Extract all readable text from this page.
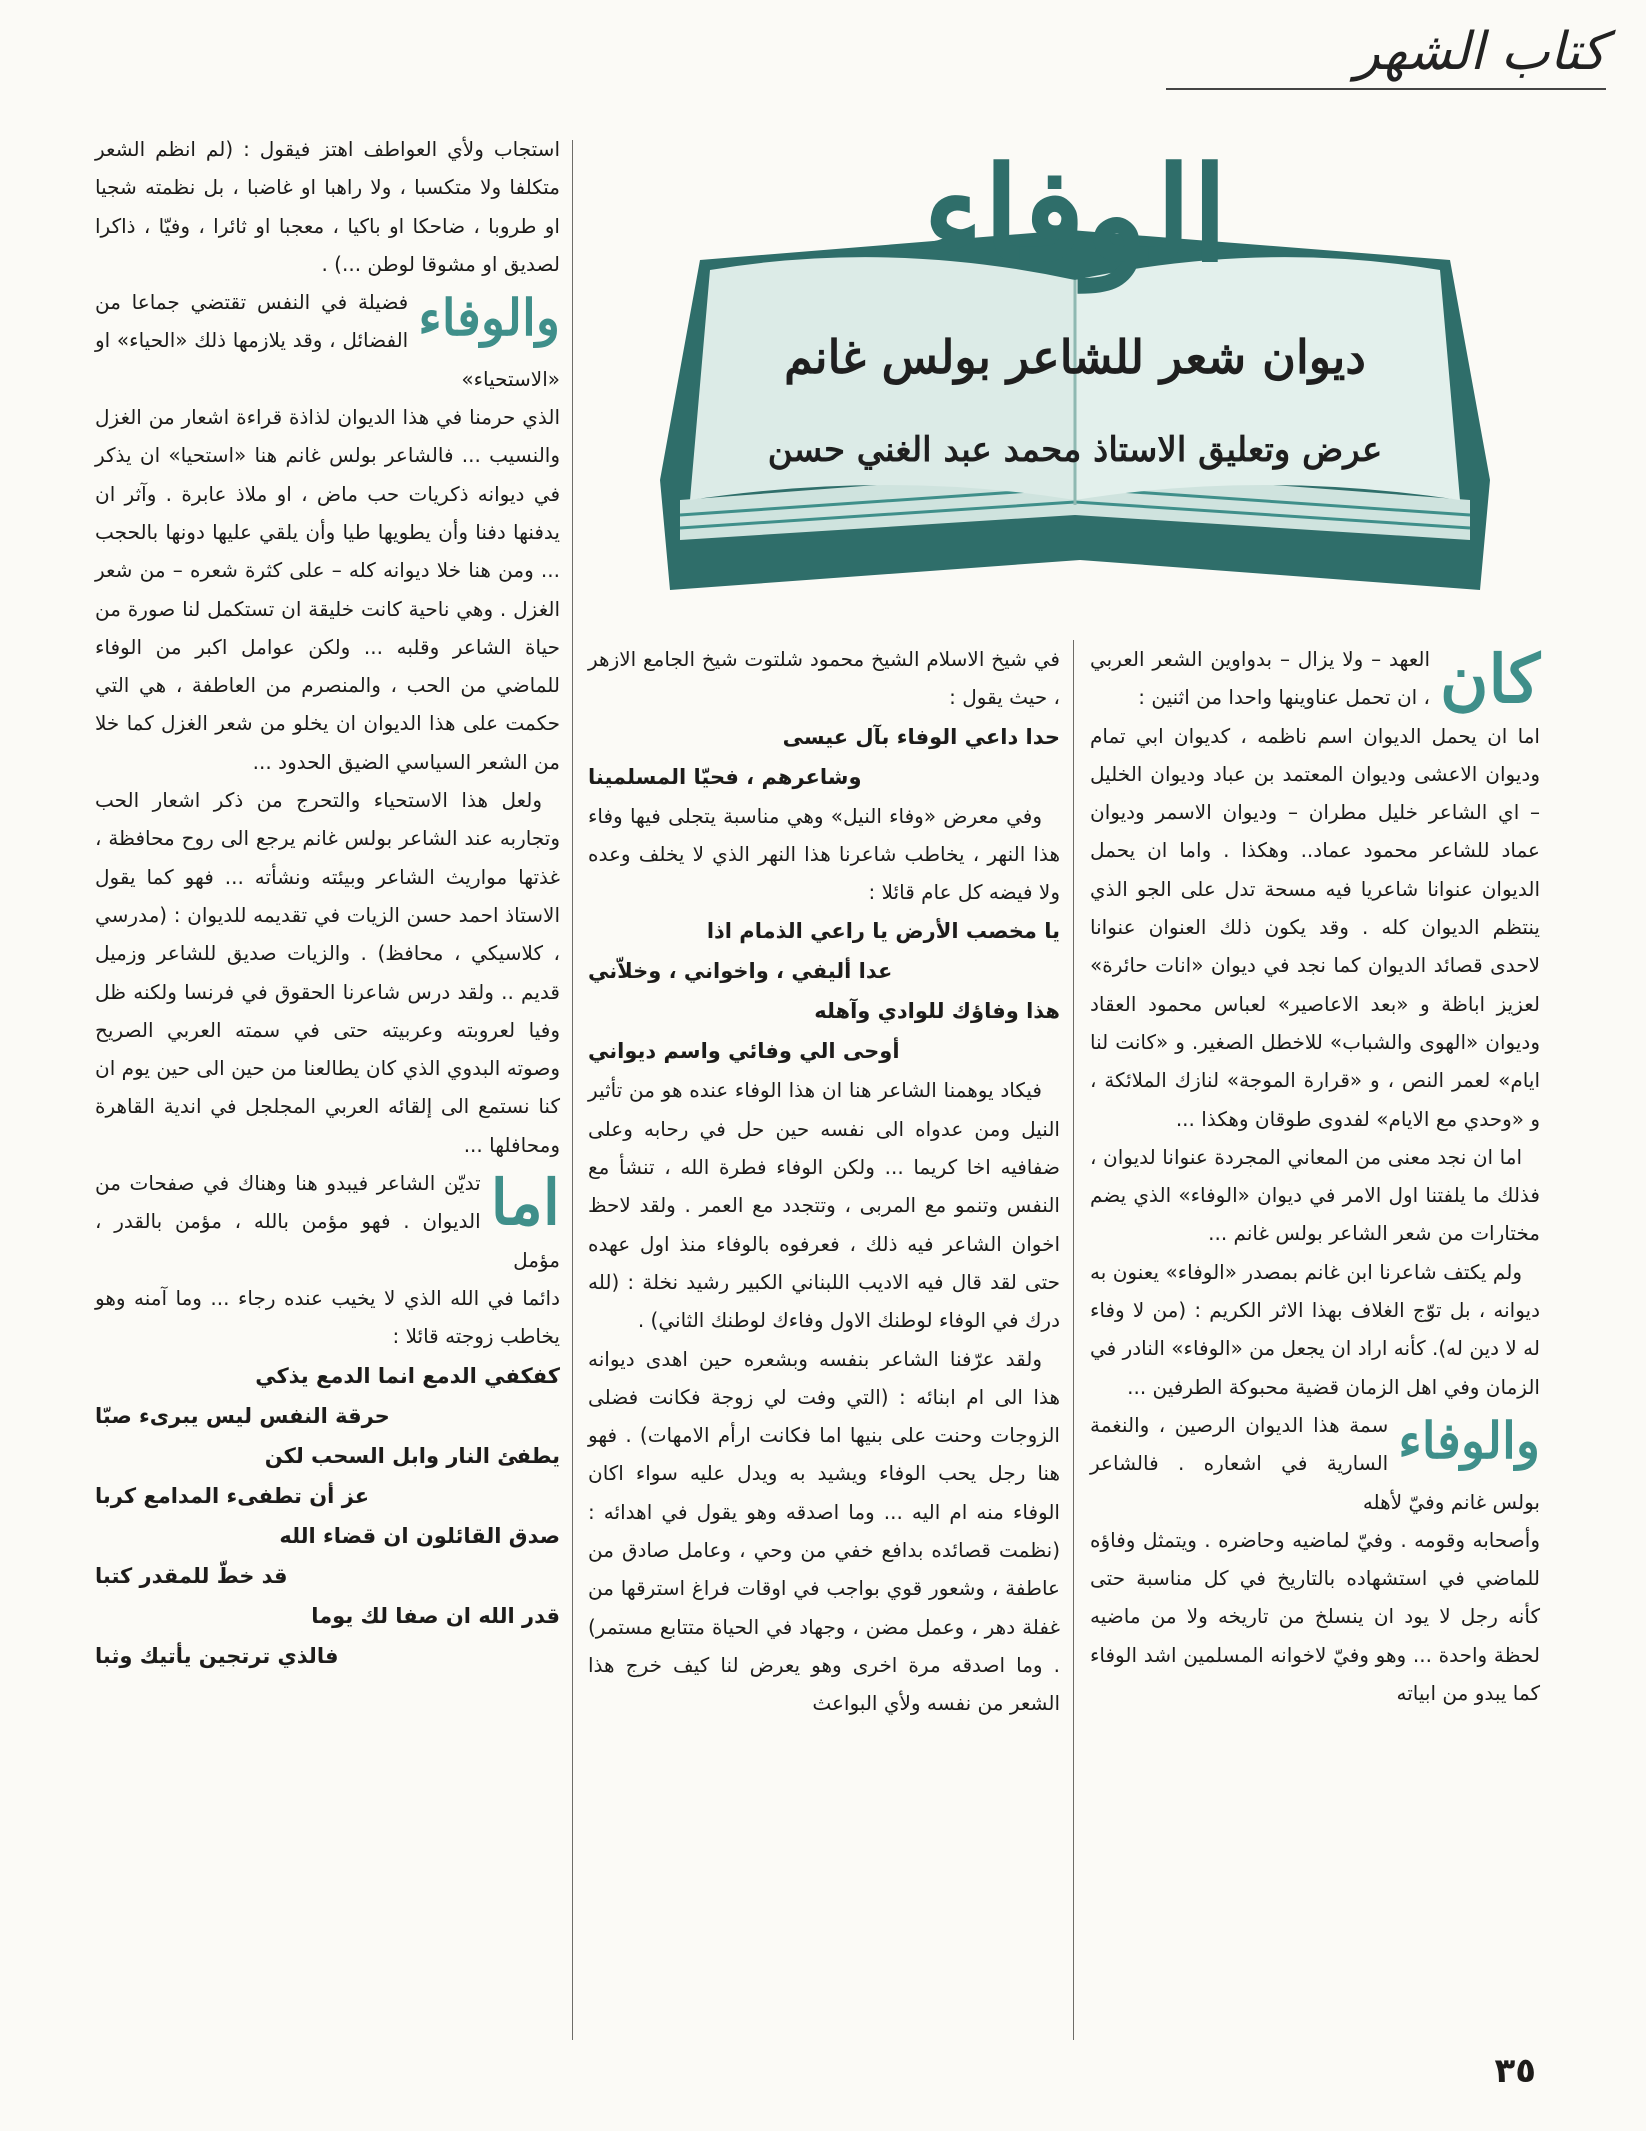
كتاب الشهر
الوفاء
ديوان شعر للشاعر بولس غانم
عرض وتعليق الاستاذ محمد عبد الغني حسن
كان

العهد – ولا يزال – بدواوين الشعر العربي ، ان تحمل عناوينها واحدا من اثنين :

اما ان يحمل الديوان اسم ناظمه ، كديوان ابي تمام وديوان الاعشى وديوان المعتمد بن عباد وديوان الخليل – اي الشاعر خليل مطران – وديوان الاسمر وديوان عماد للشاعر محمود عماد.. وهكذا . واما ان يحمل الديوان عنوانا شاعريا فيه مسحة تدل على الجو الذي ينتظم الديوان كله . وقد يكون ذلك العنوان عنوانا لاحدى قصائد الديوان كما نجد في ديوان «انات حائرة» لعزيز اباظة و «بعد الاعاصير» لعباس محمود العقاد وديوان «الهوى والشباب» للاخطل الصغير. و «كانت لنا ايام» لعمر النص ، و «قرارة الموجة» لنازك الملائكة ، و «وحدي مع الايام» لفدوى طوقان وهكذا ...

اما ان نجد معنى من المعاني المجردة عنوانا لديوان ، فذلك ما يلفتنا اول الامر في ديوان «الوفاء» الذي يضم مختارات من شعر الشاعر بولس غانم ...

ولم يكتف شاعرنا ابن غانم بمصدر «الوفاء» يعنون به ديوانه ، بل توّج الغلاف بهذا الاثر الكريم : (من لا وفاء له لا دين له). كأنه اراد ان يجعل من «الوفاء» النادر في الزمان وفي اهل الزمان قضية محبوكة الطرفين ...

والوفاء

سمة هذا الديوان الرصين ، والنغمة السارية في اشعاره . فالشاعر بولس غانم وفيّ لأهله

وأصحابه وقومه . وفيّ لماضيه وحاضره . ويتمثل وفاؤه للماضي في استشهاده بالتاريخ في كل مناسبة حتى كأنه رجل لا يود ان ينسلخ من تاريخه ولا من ماضيه لحظة واحدة ... وهو وفيّ لاخوانه المسلمين اشد الوفاء كما يبدو من ابياته

في شيخ الاسلام الشيخ محمود شلتوت شيخ الجامع الازهر ، حيث يقول :

حدا داعي الوفاء بآل عيسى
وشاعرهم ، فحيّا المسلمينا

وفي معرض «وفاء النيل» وهي مناسبة يتجلى فيها وفاء هذا النهر ، يخاطب شاعرنا هذا النهر الذي لا يخلف وعده ولا فيضه كل عام قائلا :

يا مخصب الأرض يا راعي الذمام اذا
عدا أليفي ، واخواني ، وخلاّني
هذا وفاؤك للوادي وآهله
أوحى الي وفائي واسم ديواني

فيكاد يوهمنا الشاعر هنا ان هذا الوفاء عنده هو من تأثير النيل ومن عدواه الى نفسه حين حل في رحابه وعلى ضفافيه اخا كريما ... ولكن الوفاء فطرة الله ، تنشأ مع النفس وتنمو مع المربى ، وتتجدد مع العمر . ولقد لاحظ اخوان الشاعر فيه ذلك ، فعرفوه بالوفاء منذ اول عهده حتى لقد قال فيه الاديب اللبناني الكبير رشيد نخلة : (لله درك في الوفاء لوطنك الاول وفاءك لوطنك الثاني) .

ولقد عرّفنا الشاعر بنفسه وبشعره حين اهدى ديوانه هذا الى ام ابنائه : (التي وفت لي زوجة فكانت فضلى الزوجات وحنت على بنيها اما فكانت ارأم الامهات) . فهو هنا رجل يحب الوفاء ويشيد به ويدل عليه سواء اكان الوفاء منه ام اليه ... وما اصدقه وهو يقول في اهدائه : (نظمت قصائده بدافع خفي من وحي ، وعامل صادق من عاطفة ، وشعور قوي بواجب في اوقات فراغ استرقها من غفلة دهر ، وعمل مضن ، وجهاد في الحياة متتابع مستمر) . وما اصدقه مرة اخرى وهو يعرض لنا كيف خرج هذا الشعر من نفسه ولأي البواعث

استجاب ولأي العواطف اهتز فيقول : (لم انظم الشعر متكلفا ولا متكسبا ، ولا راهبا او غاضبا ، بل نظمته شجيا او طروبا ، ضاحكا او باكيا ، معجبا او ثائرا ، وفيّا ، ذاكرا لصديق او مشوقا لوطن ...) .

والوفاء

فضيلة في النفس تقتضي جماعا من الفضائل ، وقد يلازمها ذلك «الحياء» او «الاستحياء»

الذي حرمنا في هذا الديوان لذاذة قراءة اشعار من الغزل والنسيب ... فالشاعر بولس غانم هنا «استحيا» ان يذكر في ديوانه ذكريات حب ماض ، او ملاذ عابرة . وآثر ان يدفنها دفنا وأن يطويها طيا وأن يلقي عليها دونها بالحجب ... ومن هنا خلا ديوانه كله – على كثرة شعره – من شعر الغزل . وهي ناحية كانت خليقة ان تستكمل لنا صورة من حياة الشاعر وقلبه ... ولكن عوامل اكبر من الوفاء للماضي من الحب ، والمنصرم من العاطفة ، هي التي حكمت على هذا الديوان ان يخلو من شعر الغزل كما خلا من الشعر السياسي الضيق الحدود ...

ولعل هذا الاستحياء والتحرج من ذكر اشعار الحب وتجاربه عند الشاعر بولس غانم يرجع الى روح محافظة ، غذتها مواريث الشاعر وبيئته ونشأته ... فهو كما يقول الاستاذ احمد حسن الزيات في تقديمه للديوان : (مدرسي ، كلاسيكي ، محافظ) . والزيات صديق للشاعر وزميل قديم .. ولقد درس شاعرنا الحقوق في فرنسا ولكنه ظل وفيا لعروبته وعربيته حتى في سمته العربي الصريح وصوته البدوي الذي كان يطالعنا من حين الى حين يوم ان كنا نستمع الى إلقائه العربي المجلجل في اندية القاهرة ومحافلها ...

اما

تديّن الشاعر فيبدو هنا وهناك في صفحات من الديوان . فهو مؤمن بالله ، مؤمن بالقدر ، مؤمل

دائما في الله الذي لا يخيب عنده رجاء ... وما آمنه وهو يخاطب زوجته قائلا :

كفكفي الدمع انما الدمع يذكي
حرقة النفس ليس يبرىء صبّا
يطفئ النار وابل السحب لكن
عز أن تطفىء المدامع كربا
صدق القائلون ان قضاء الله
قد خطّ للمقدر كتبا
قدر الله ان صفا لك يوما
فالذي ترتجين يأتيك وثبا
٣٥
